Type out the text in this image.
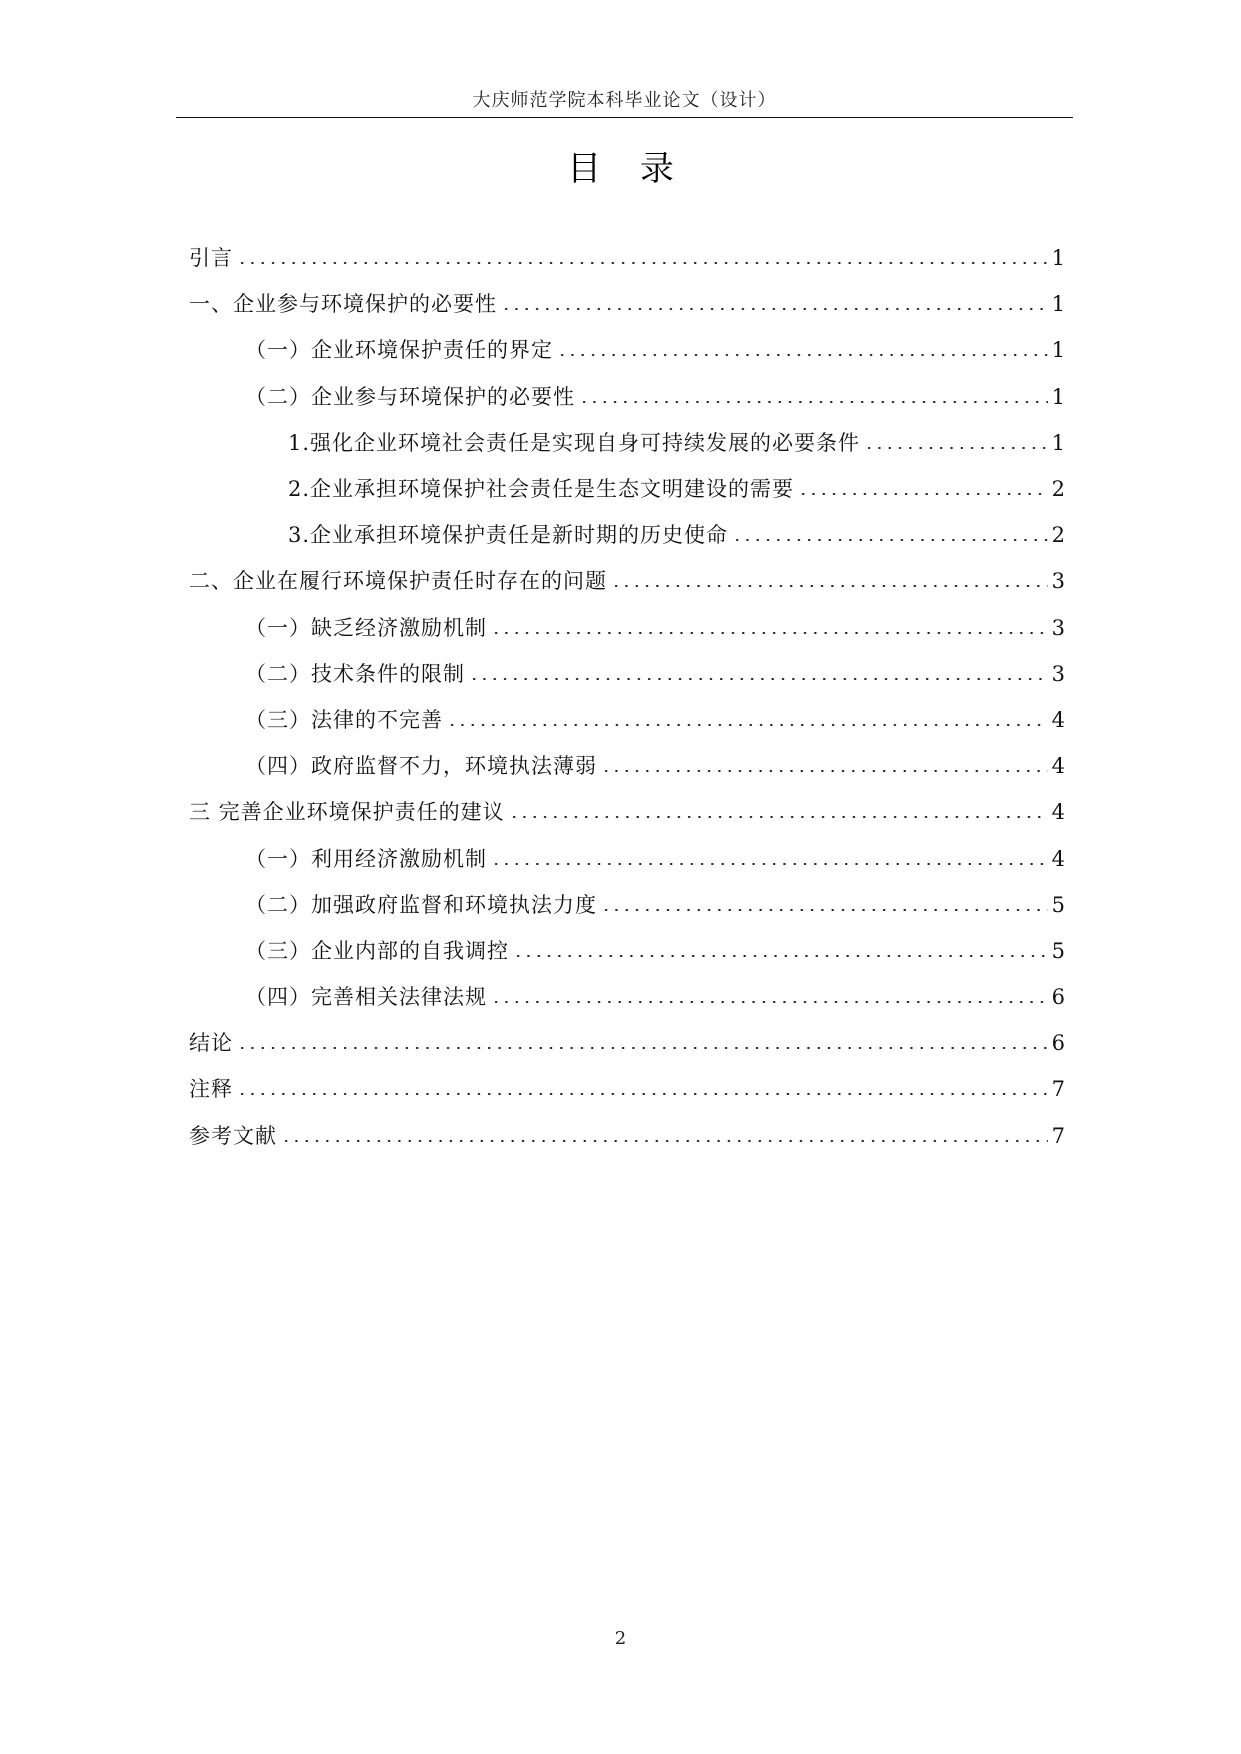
大庆师范学院本科毕业论文（设计）
目 录
引言	1
一、企业参与环境保护的必要性	1
（一）企业环境保护责任的界定	1
（二）企业参与环境保护的必要性	1
1.强化企业环境社会责任是实现自身可持续发展的必要条件	1
2.企业承担环境保护社会责任是生态文明建设的需要	2
3.企业承担环境保护责任是新时期的历史使命	2
二、企业在履行环境保护责任时存在的问题	3
（一）缺乏经济激励机制	3
（二）技术条件的限制	3
（三）法律的不完善	4
（四）政府监督不力，环境执法薄弱	4
三 完善企业环境保护责任的建议	4
（一）利用经济激励机制	4
（二）加强政府监督和环境执法力度	5
（三）企业内部的自我调控	5
（四）完善相关法律法规	6
结论	6
注释	7
参考文献	7
2
